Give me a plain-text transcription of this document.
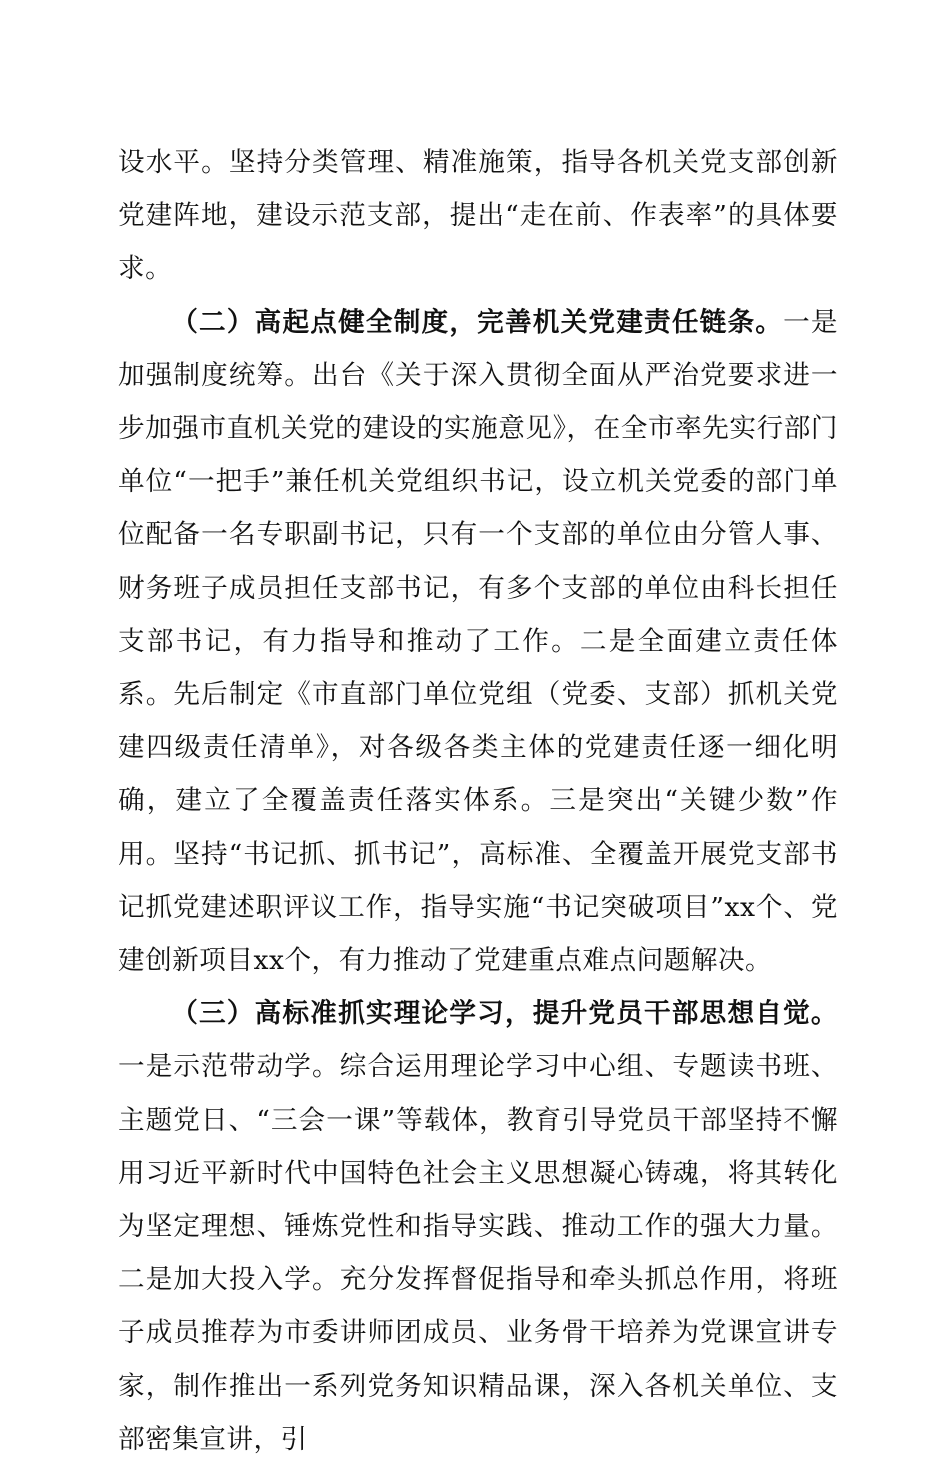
设水平。坚持分类管理、精准施策，指导各机关党支部创新党建阵地，建设示范支部，提出“走在前、作表率”的具体要求。

（二）高起点健全制度，完善机关党建责任链条。一是加强制度统筹。出台《关于深入贯彻全面从严治党要求进一步加强市直机关党的建设的实施意见》，在全市率先实行部门单位“一把手”兼任机关党组织书记，设立机关党委的部门单位配备一名专职副书记，只有一个支部的单位由分管人事、财务班子成员担任支部书记，有多个支部的单位由科长担任支部书记，有力指导和推动了工作。二是全面建立责任体系。先后制定《市直部门单位党组（党委、支部）抓机关党建四级责任清单》，对各级各类主体的党建责任逐一细化明确，建立了全覆盖责任落实体系。三是突出“关键少数”作用。坚持“书记抓、抓书记”，高标准、全覆盖开展党支部书记抓党建述职评议工作，指导实施“书记突破项目”xx个、党建创新项目xx个，有力推动了党建重点难点问题解决。

（三）高标准抓实理论学习，提升党员干部思想自觉。一是示范带动学。综合运用理论学习中心组、专题读书班、主题党日、“三会一课”等载体，教育引导党员干部坚持不懈用习近平新时代中国特色社会主义思想凝心铸魂，将其转化为坚定理想、锤炼党性和指导实践、推动工作的强大力量。二是加大投入学。充分发挥督促指导和牵头抓总作用，将班子成员推荐为市委讲师团成员、业务骨干培养为党课宣讲专家，制作推出一系列党务知识精品课，深入各机关单位、支部密集宣讲，引
